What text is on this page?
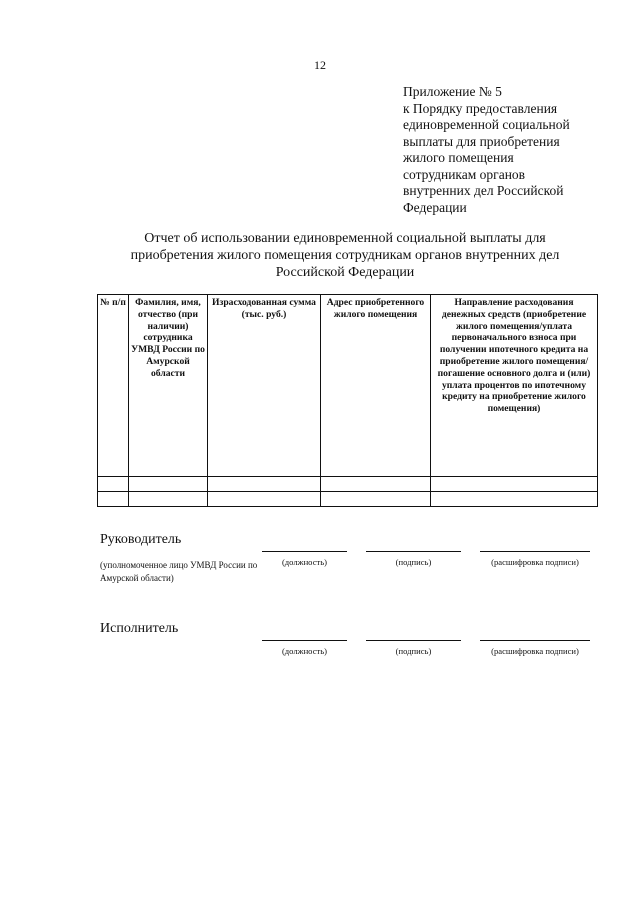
12
Приложение № 5
к Порядку предоставления
единовременной социальной
выплаты для приобретения
жилого помещения
сотрудникам органов
внутренних дел Российской
Федерации
Отчет об использовании единовременной социальной выплаты для
приобретения жилого помещения сотрудникам органов внутренних дел
Российской Федерации
№ п/п	Фамилия, имя, отчество (при наличии) сотрудника УМВД России по Амурской области	Израсходованная сумма (тыс. руб.)	Адрес приобретенного жилого помещения	Направление расходования денежных средств (приобретение жилого помещения/уплата первоначального взноса при получении ипотечного кредита на приобретение жилого помещения/погашение основного долга и (или) уплата процентов по ипотечному кредиту на приобретение жилого помещения)

Руководитель
(уполномоченное лицо УМВД России по Амурской области)
(должность)	(подпись)	(расшифровка подписи)
Исполнитель
(должность)	(подпись)	(расшифровка подписи)
